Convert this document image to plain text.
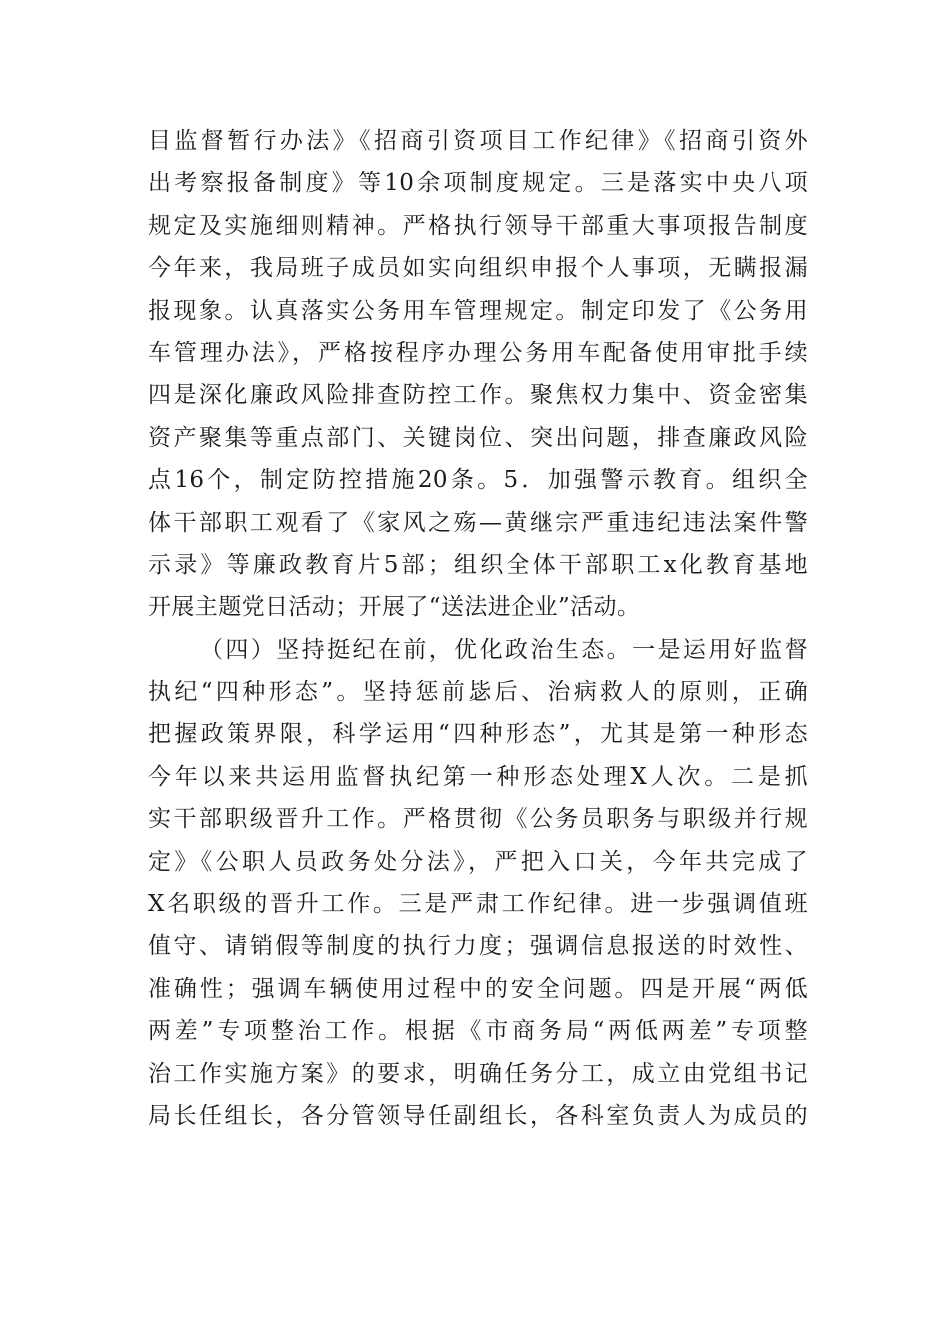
目监督暂行办法》《招商引资项目工作纪律》《招商引资外
出考察报备制度》等10余项制度规定。三是落实中央八项
规定及实施细则精神。严格执行领导干部重大事项报告制度
今年来，我局班子成员如实向组织申报个人事项，无瞒报漏
报现象。认真落实公务用车管理规定。制定印发了《公务用
车管理办法》，严格按程序办理公务用车配备使用审批手续
四是深化廉政风险排查防控工作。聚焦权力集中、资金密集
资产聚集等重点部门、关键岗位、突出问题，排查廉政风险
点16个，制定防控措施20条。5．加强警示教育。组织全
体干部职工观看了《家风之殇—黄继宗严重违纪违法案件警
示录》等廉政教育片5部；组织全体干部职工x化教育基地
开展主题党日活动；开展了“送法进企业”活动。
（四）坚持挺纪在前，优化政治生态。一是运用好监督
执纪“四种形态”。坚持惩前毖后、治病救人的原则，正确
把握政策界限，科学运用“四种形态”，尤其是第一种形态
今年以来共运用监督执纪第一种形态处理X人次。二是抓
实干部职级晋升工作。严格贯彻《公务员职务与职级并行规
定》《公职人员政务处分法》，严把入口关，今年共完成了
X名职级的晋升工作。三是严肃工作纪律。进一步强调值班
值守、请销假等制度的执行力度；强调信息报送的时效性、
准确性；强调车辆使用过程中的安全问题。四是开展“两低
两差”专项整治工作。根据《市商务局“两低两差”专项整
治工作实施方案》的要求，明确任务分工，成立由党组书记
局长任组长，各分管领导任副组长，各科室负责人为成员的
